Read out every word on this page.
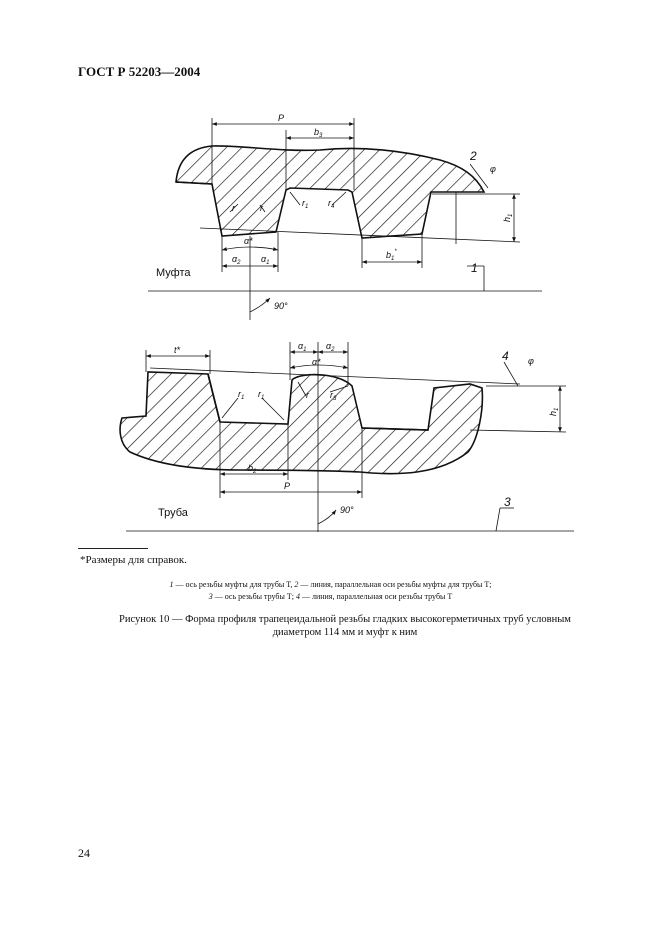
ГОСТ Р 52203—2004
P
$b_3$
φ
$h_1$
r	r	$r_1$ $r_4$
α*
$\alpha_2$ $\alpha_1$
$b_1^*$
90°
Муфта
2
1
t*	$\alpha_1$ $\alpha_2$
α*	φ
$h_1$
$r_1$ $r_1$	r $r_3$
$b_2$
P
90°
Труба
4
3
*Размеры для справок.
1 — ось резьбы муфты для трубы Т, 2 — линия, параллельная оси резьбы муфты для трубы Т;
3 — ось резьбы трубы Т; 4 — линия, параллельная оси резьбы трубы Т
Рисунок 10 — Форма профиля трапецеидальной резьбы гладких высокогерметичных труб условным
диаметром 114 мм и муфт к ним
24
